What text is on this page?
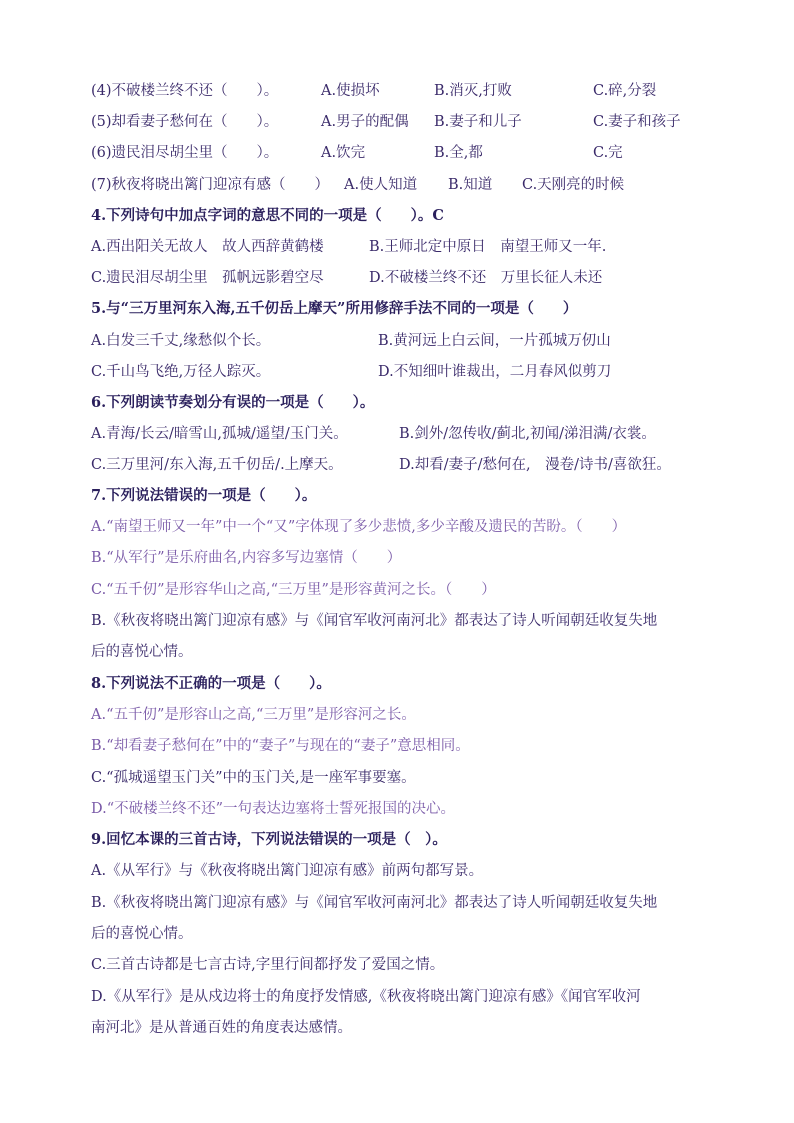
(4)不破楼兰终不还（　　）。	A.使损坏	B.消灭,打败	C.碎,分裂
(5)却看妻子愁何在（　　）。	A.男子的配偶 B.妻子和儿子	C.妻子和孩子
(6)遗民泪尽胡尘里（　　）。	A.饮完	B.全,都	C.完
(7)秋夜将晓出篱门迎凉有感（　　） A.使人知道 B.知道 C.天刚亮的时候
4.下列诗句中加点字词的意思不同的一项是（　　）。C
A.西出阳关无故人　故人西辞黄鹤楼	B.王师北定中原日　南望王师又一年.
C.遗民泪尽胡尘里　孤帆远影碧空尽	D.不破楼兰终不还　万里长征人未还
5.与“三万里河东入海,五千仞岳上摩天”所用修辞手法不同的一项是（　　）
A.白发三千丈,缘愁似个长。	B.黄河远上白云间，一片孤城万仞山
C.千山鸟飞绝,万径人踪灭。	D.不知细叶谁裁出，二月春风似剪刀
6.下列朗读节奏划分有误的一项是（　　）。
A.青海/长云/暗雪山,孤城/遥望/玉门关。	B.剑外/忽传收/蓟北,初闻/涕泪满/衣裳。
C.三万里河/东入海,五千仞岳/.上摩天。	D.却看/妻子/愁何在,　漫卷/诗书/喜欲狂。
7.下列说法错误的一项是（　　）。
A.“南望王师又一年”中一个“又”字体现了多少悲愤,多少辛酸及遗民的苦盼。（　　）
B.“从军行”是乐府曲名,内容多写边塞情（　　）
C.“五千仞”是形容华山之高,“三万里”是形容黄河之长。（　　）
B.《秋夜将晓出篱门迎凉有感》与《闻官军收河南河北》都表达了诗人听闻朝廷收复失地
后的喜悦心情。
8.下列说法不正确的一项是（　　）。
A.“五千仞”是形容山之高,“三万里”是形容河之长。
B.“却看妻子愁何在”中的“妻子”与现在的“妻子”意思相同。
C.“孤城遥望玉门关”中的玉门关,是一座军事要塞。
D.“不破楼兰终不还”一句表达边塞将士誓死报国的决心。
9.回忆本课的三首古诗，下列说法错误的一项是（　）。
A.《从军行》与《秋夜将晓出篱门迎凉有感》前两句都写景。
B.《秋夜将晓出篱门迎凉有感》与《闻官军收河南河北》都表达了诗人听闻朝廷收复失地
后的喜悦心情。
C.三首古诗都是七言古诗,字里行间都抒发了爱国之情。
D.《从军行》是从戍边将士的角度抒发情感,《秋夜将晓出篱门迎凉有感》《闻官军收河
南河北》是从普通百姓的角度表达感情。
